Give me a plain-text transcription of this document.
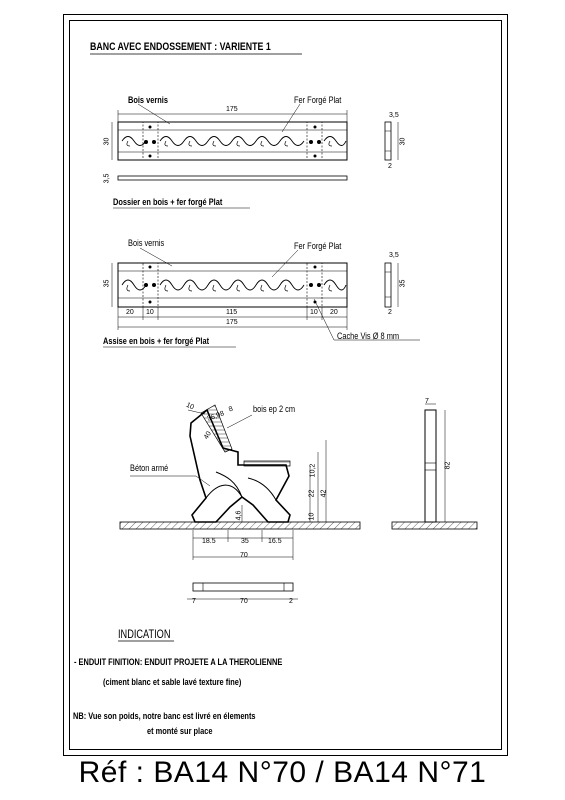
BANC AVEC ENDOSSEMENT : VARIENTE 1
Bois vernis	Fer Forgé Plat
175
30
3,5
3,5
30
2
Dossier en bois + fer forgé Plat
Bois vernis	Fer Forgé Plat
35
20 10	115	10 20
175
3,5
35
2
Cache Vis Ø 8 mm
Assise en bois + fer forgé Plat
bois ep 2 cm
Béton armé
10
36,98
8
40
10,2
22 42
10
4,6
18.5	35	16.5
70
7
82
7	70	2
INDICATION
- ENDUIT FINITION: ENDUIT PROJETE A LA THEROLIENNE
(ciment blanc et sable lavé texture fine)
NB: Vue son poids, notre banc est livré en élements
et monté sur place
Réf : BA14 N°70 / BA14 N°71
